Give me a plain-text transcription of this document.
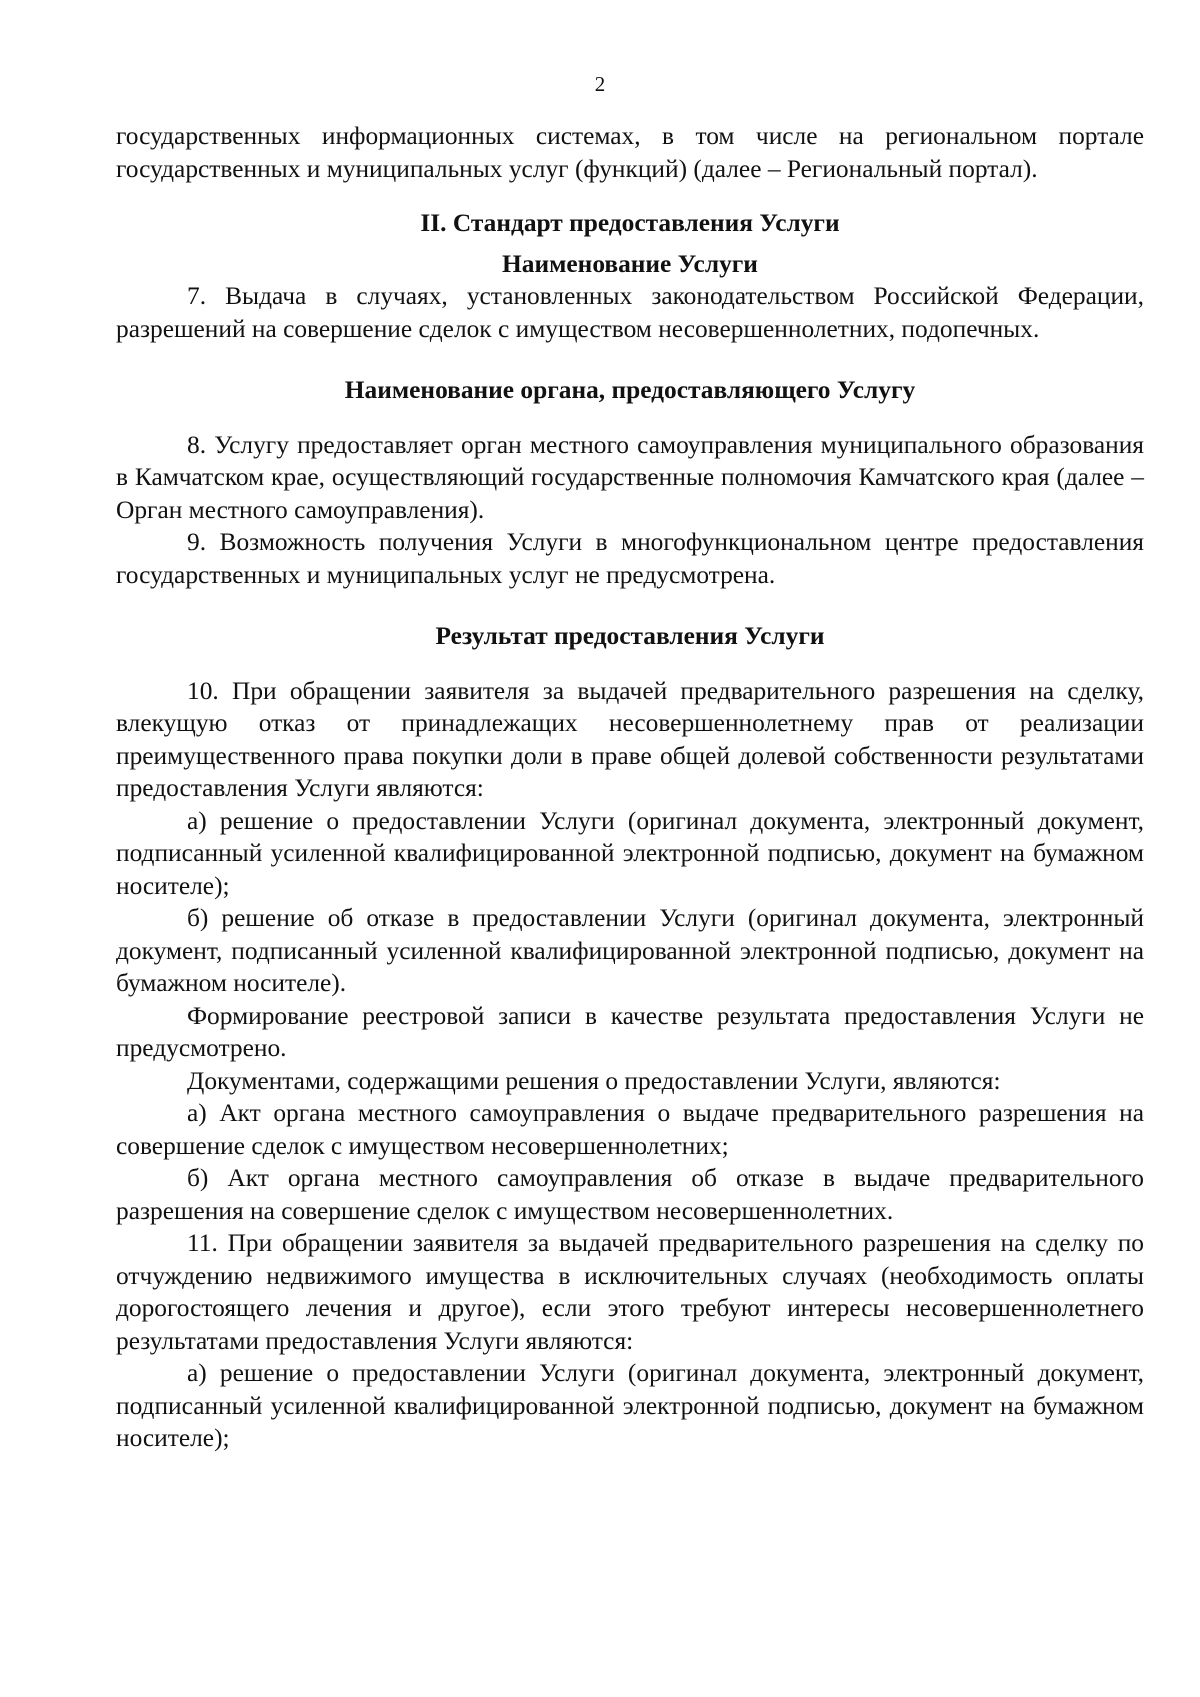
2

государственных информационных системах, в том числе на региональном портале государственных и муниципальных услуг (функций) (далее – Региональный портал).

II. Стандарт предоставления Услуги
Наименование Услуги

7. Выдача в случаях, установленных законодательством Российской Федерации, разрешений на совершение сделок с имуществом несовершеннолетних, подопечных.

Наименование органа, предоставляющего Услугу

8. Услугу предоставляет орган местного самоуправления муниципального образования в Камчатском крае, осуществляющий государственные полномочия Камчатского края (далее – Орган местного самоуправления).

9. Возможность получения Услуги в многофункциональном центре предоставления государственных и муниципальных услуг не предусмотрена.

Результат предоставления Услуги

10. При обращении заявителя за выдачей предварительного разрешения на сделку, влекущую отказ от принадлежащих несовершеннолетнему прав от реализации преимущественного права покупки доли в праве общей долевой собственности результатами предоставления Услуги являются:

а) решение о предоставлении Услуги (оригинал документа, электронный документ, подписанный усиленной квалифицированной электронной подписью, документ на бумажном носителе);

б) решение об отказе в предоставлении Услуги (оригинал документа, электронный документ, подписанный усиленной квалифицированной электронной подписью, документ на бумажном носителе).

Формирование реестровой записи в качестве результата предоставления Услуги не предусмотрено.

Документами, содержащими решения о предоставлении Услуги, являются:

а) Акт органа местного самоуправления о выдаче предварительного разрешения на совершение сделок с имуществом несовершеннолетних;

б) Акт органа местного самоуправления об отказе в выдаче предварительного разрешения на совершение сделок с имуществом несовершеннолетних.

11. При обращении заявителя за выдачей предварительного разрешения на сделку по отчуждению недвижимого имущества в исключительных случаях (необходимость оплаты дорогостоящего лечения и другое), если этого требуют интересы несовершеннолетнего результатами предоставления Услуги являются:

а) решение о предоставлении Услуги (оригинал документа, электронный документ, подписанный усиленной квалифицированной электронной подписью, документ на бумажном носителе);
